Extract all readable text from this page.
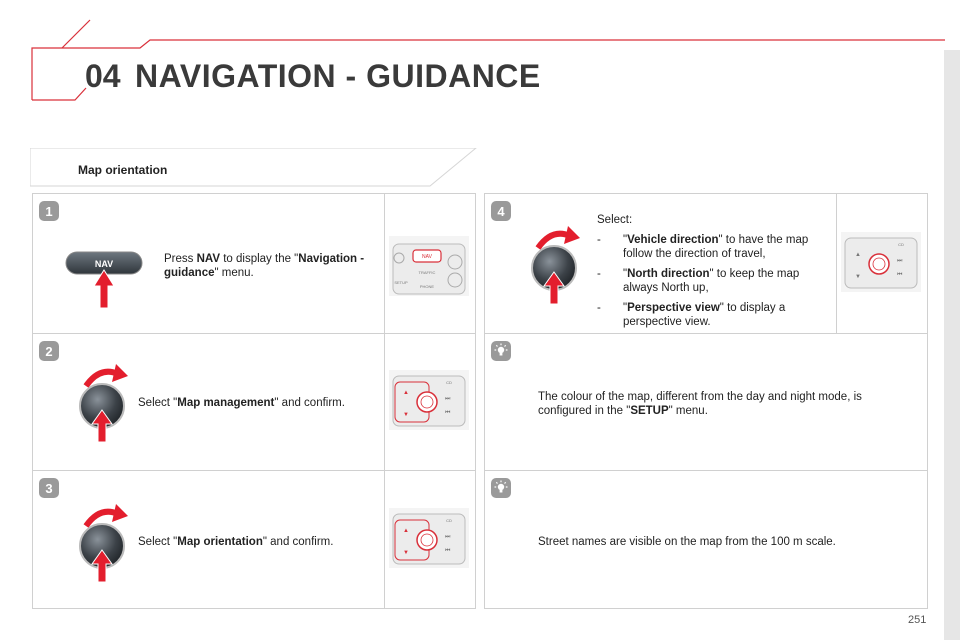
04 NAVIGATION - GUIDANCE
Map orientation
1
2
3
4
NAV	Press NAV to display the "Navigation - guidance" menu.
NAV
TRAFFIC
PHONE
SETUP
Select "Map management" and confirm.
CD
▲
▼
⏭
⏮
Select "Map orientation" and confirm.
CD
▲
▼
⏭
⏮
Select:
- "Vehicle direction" to have the map follow the direction of travel,
- "North direction" to keep the map always North up,
- "Perspective view" to display a perspective view.
CD
▲
▼
⏭
⏮
The colour of the map, different from the day and night mode, is configured in the "SETUP" menu.
Street names are visible on the map from the 100 m scale.
251
